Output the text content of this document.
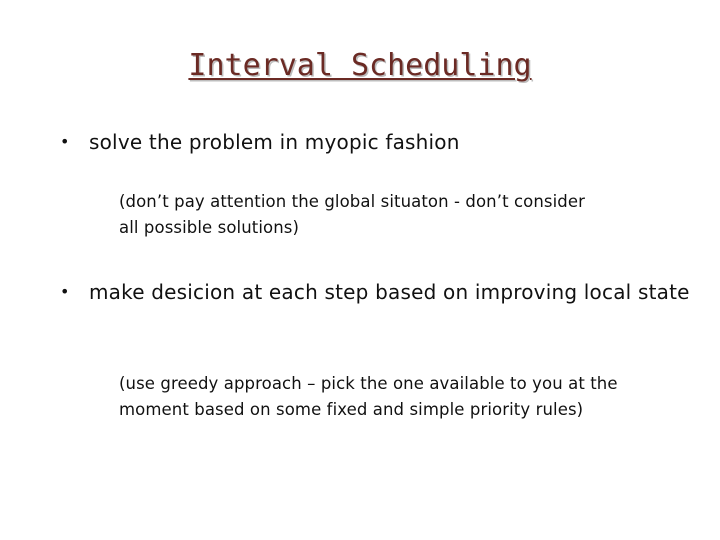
Interval Scheduling
• solve the problem in myopic fashion
(don’t pay attention the global situaton - don’t consider
all possible solutions)
• make desicion at each step based on improving local state
(use greedy approach – pick the one available to you at the
moment based on some fixed and simple priority rules)
